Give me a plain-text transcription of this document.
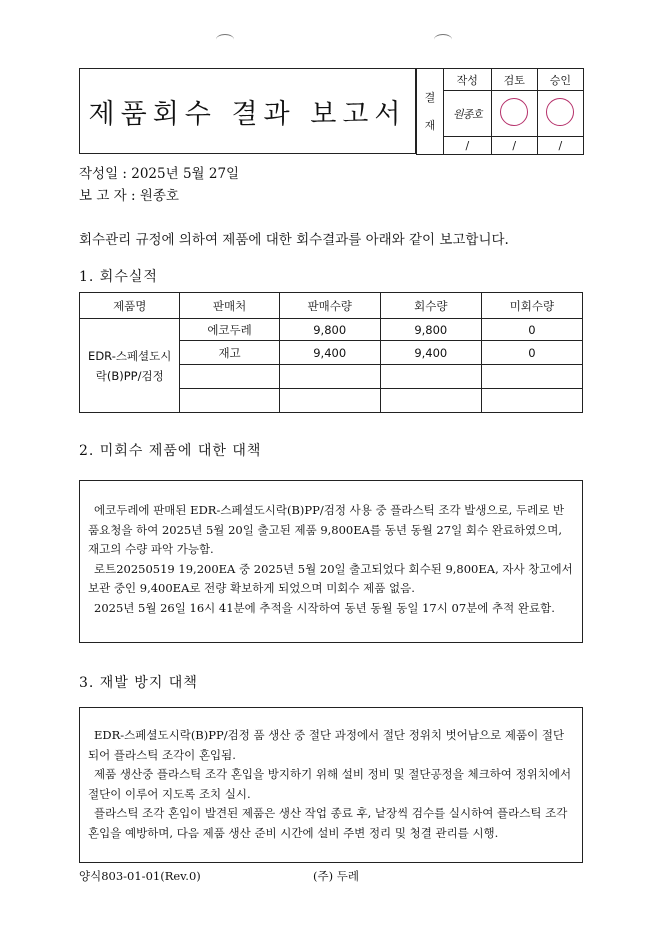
제품회수 결과 보고서
결
재	작성	검토	승인
	원종호		
	/	/	/
작성일 : 2025년 5월 27일
보 고 자 : 원종호
회수관리 규정에 의하여 제품에 대한 회수결과를 아래와 같이 보고합니다.
1. 회수실적
제품명	판매처	판매수량	회수량	미회수량
EDR-스페셜도시락(B)PP/검정	에코두레	9,800	9,800	0
	재고	9,400	9,400	0

2. 미회수 제품에 대한 대책

에코두레에 판매된 EDR-스페셜도시락(B)PP/검정 사용 중 플라스틱 조각 발생으로, 두레로 반품요청을 하여 2025년 5월 20일 출고된 제품 9,800EA를 동년 동월 27일 회수 완료하였으며, 재고의 수량 파악 가능함.

로트20250519 19,200EA 중 2025년 5월 20일 출고되었다 회수된 9,800EA, 자사 창고에서 보관 중인 9,400EA로 전량 확보하게 되었으며 미회수 제품 없음.

2025년 5월 26일 16시 41분에 추적을 시작하여 동년 동월 동일 17시 07분에 추적 완료함.

3. 재발 방지 대책

EDR-스페셜도시락(B)PP/검정 품 생산 중 절단 과정에서 절단 정위치 벗어남으로 제품이 절단되어 플라스틱 조각이 혼입됨.

제품 생산중 플라스틱 조각 혼입을 방지하기 위해 설비 정비 및 절단공정을 체크하여 정위치에서 절단이 이루어 지도록 조치 실시.

플라스틱 조각 혼입이 발견된 제품은 생산 작업 종료 후, 낱장씩 검수를 실시하여 플라스틱 조각 혼입을 예방하며, 다음 제품 생산 준비 시간에 설비 주변 정리 및 청결 관리를 시행.

양식803-01-01(Rev.0)	(주) 두레
